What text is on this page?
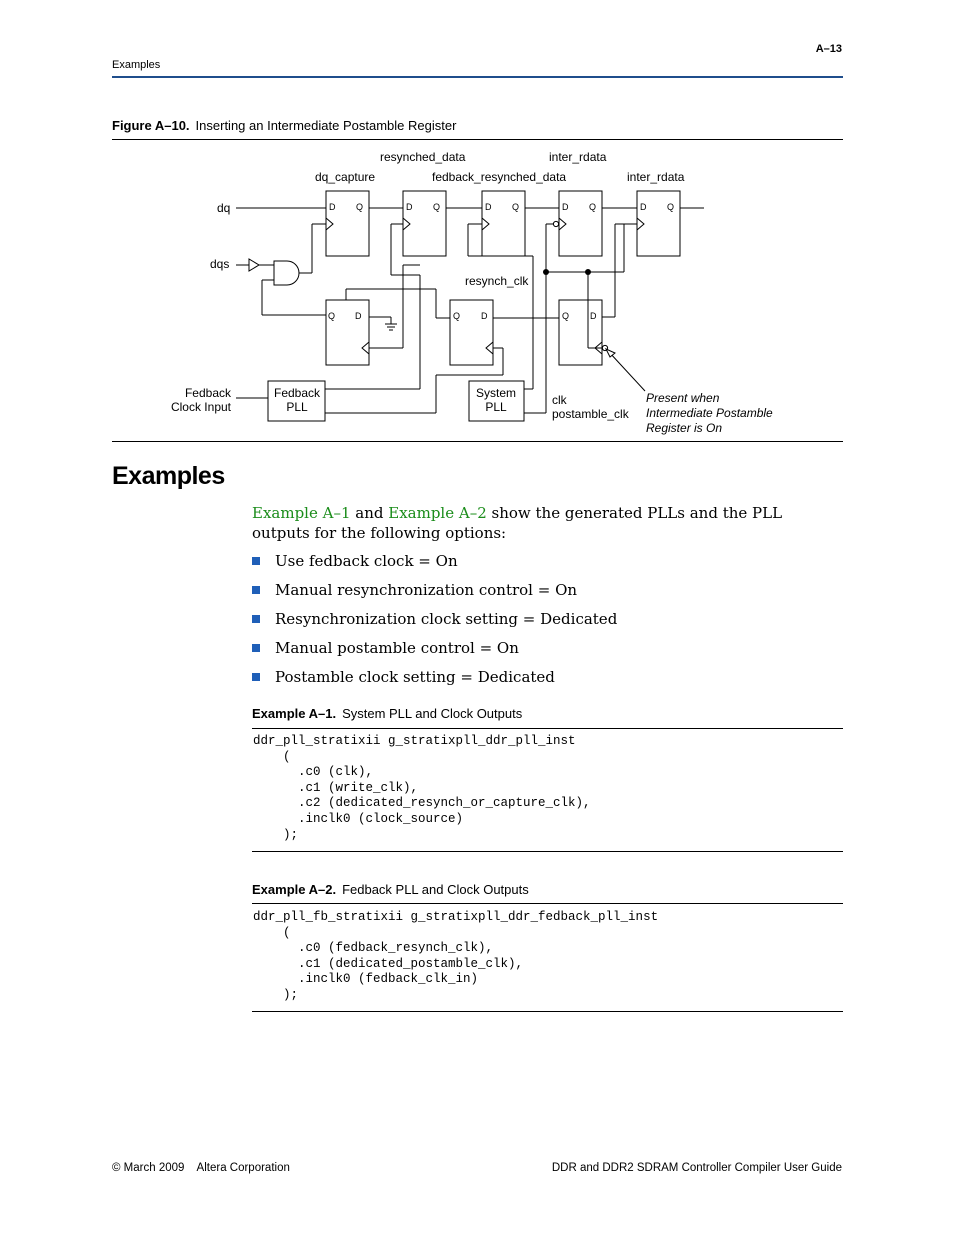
Examples
A–13
Figure A–10. Inserting an Intermediate Postamble Register
D Q	D Q	D Q	D Q	D Q
Q D	Q D	Q D
resynched_data	inter_rdata
dq_capture	fedback_resynched_data	inter_rdata
dq
dqs
resynch_clk
Fedback
Clock Input	clk
postamble_clk
Fedback
PLL
System
PLL
Present when
Intermediate Postamble
Register is On
Examples
Example A–1 and Example A–2 show the generated PLLs and the PLL outputs for the following options:
Use fedback clock = On
Manual resynchronization control = On
Resynchronization clock setting = Dedicated
Manual postamble control = On
Postamble clock setting = Dedicated
Example A–1. System PLL and Clock Outputs
ddr_pll_stratixii g_stratixpll_ddr_pll_inst
(
.c0 (clk),
.c1 (write_clk),
.c2 (dedicated_resynch_or_capture_clk),
.inclk0 (clock_source)
);
Example A–2. Fedback PLL and Clock Outputs
ddr_pll_fb_stratixii g_stratixpll_ddr_fedback_pll_inst
(
.c0 (fedback_resynch_clk),
.c1 (dedicated_postamble_clk),
.inclk0 (fedback_clk_in)
);
© March 2009    Altera Corporation	DDR and DDR2 SDRAM Controller Compiler User Guide
